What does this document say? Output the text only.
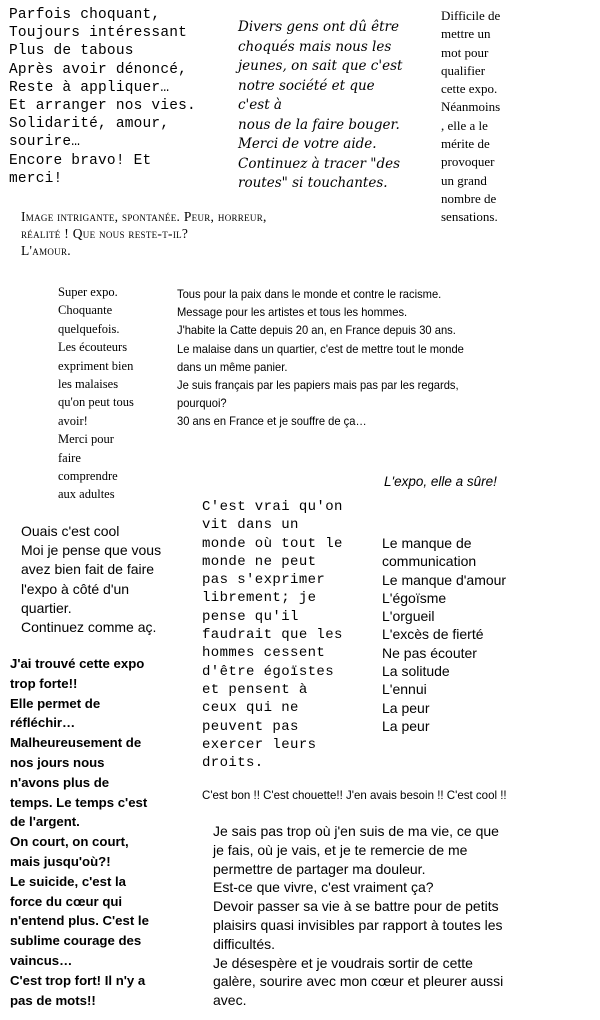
Parfois choquant,
Toujours intéressant
Plus de tabous
Après avoir dénoncé,
Reste à appliquer…
Et arranger nos vies.
Solidarité, amour,
sourire…
Encore bravo! Et
merci!

Divers gens ont dû être
choqués mais nous les
jeunes, on sait que c'est
notre société et que c'est à
nous de la faire bouger.
Merci de votre aide.
Continuez à tracer "des
routes" si touchantes.

Difficile de
mettre un
mot pour
qualifier
cette expo.
Néanmoins
, elle a le
mérite de
provoquer
un grand
nombre de
sensations.

Image intrigante, spontanée. Peur, horreur,
réalité ! Que nous reste-t-il?
L'amour.

Super expo.
Choquante
quelquefois.
Les écouteurs
expriment bien
les malaises
qu'on peut tous
avoir!
Merci pour
faire
comprendre
aux adultes

Tous pour la paix dans le monde et contre le racisme.
Message pour les artistes et tous les hommes.
J'habite la Catte depuis 20 an, en France depuis 30 ans.
Le malaise dans un quartier, c'est de mettre tout le monde
dans un même panier.
Je suis français par les papiers mais pas par les regards,
pourquoi?
30 ans en France et je souffre de ça…

L'expo, elle a sûre!

C'est vrai qu'on
vit dans un
monde où tout le
monde ne peut
pas s'exprimer
librement; je
pense qu'il
faudrait que les
hommes cessent
d'être égoïstes
et pensent à
ceux qui ne
peuvent pas
exercer leurs
droits.

Ouais c'est cool
Moi je pense que vous
avez bien fait de faire
l'expo à côté d'un
quartier.
Continuez comme aç.

Le manque de
communication
Le manque d'amour
L'égoïsme
L'orgueil
L'excès de fierté
Ne pas écouter
La solitude
L'ennui
La peur
La peur

J'ai trouvé cette expo
trop forte!!
Elle permet de
réfléchir…
Malheureusement de
nos jours nous
n'avons plus de
temps. Le temps c'est
de l'argent.
On court, on court,
mais jusqu'où?!
Le suicide, c'est la
force du cœur qui
n'entend plus. C'est le
sublime courage des
vaincus…
C'est trop fort! Il n'y a
pas de mots!!

C'est bon !! C'est chouette!! J'en avais besoin !! C'est cool !!

Je sais pas trop où j'en suis de ma vie, ce que
je fais, où je vais, et je te remercie de me
permettre de partager ma douleur.
Est-ce que vivre, c'est vraiment ça?
Devoir passer sa vie à se battre pour de petits
plaisirs quasi invisibles par rapport à toutes les
difficultés.
Je désespère et je voudrais sortir de cette
galère, sourire avec mon cœur et pleurer aussi
avec.
